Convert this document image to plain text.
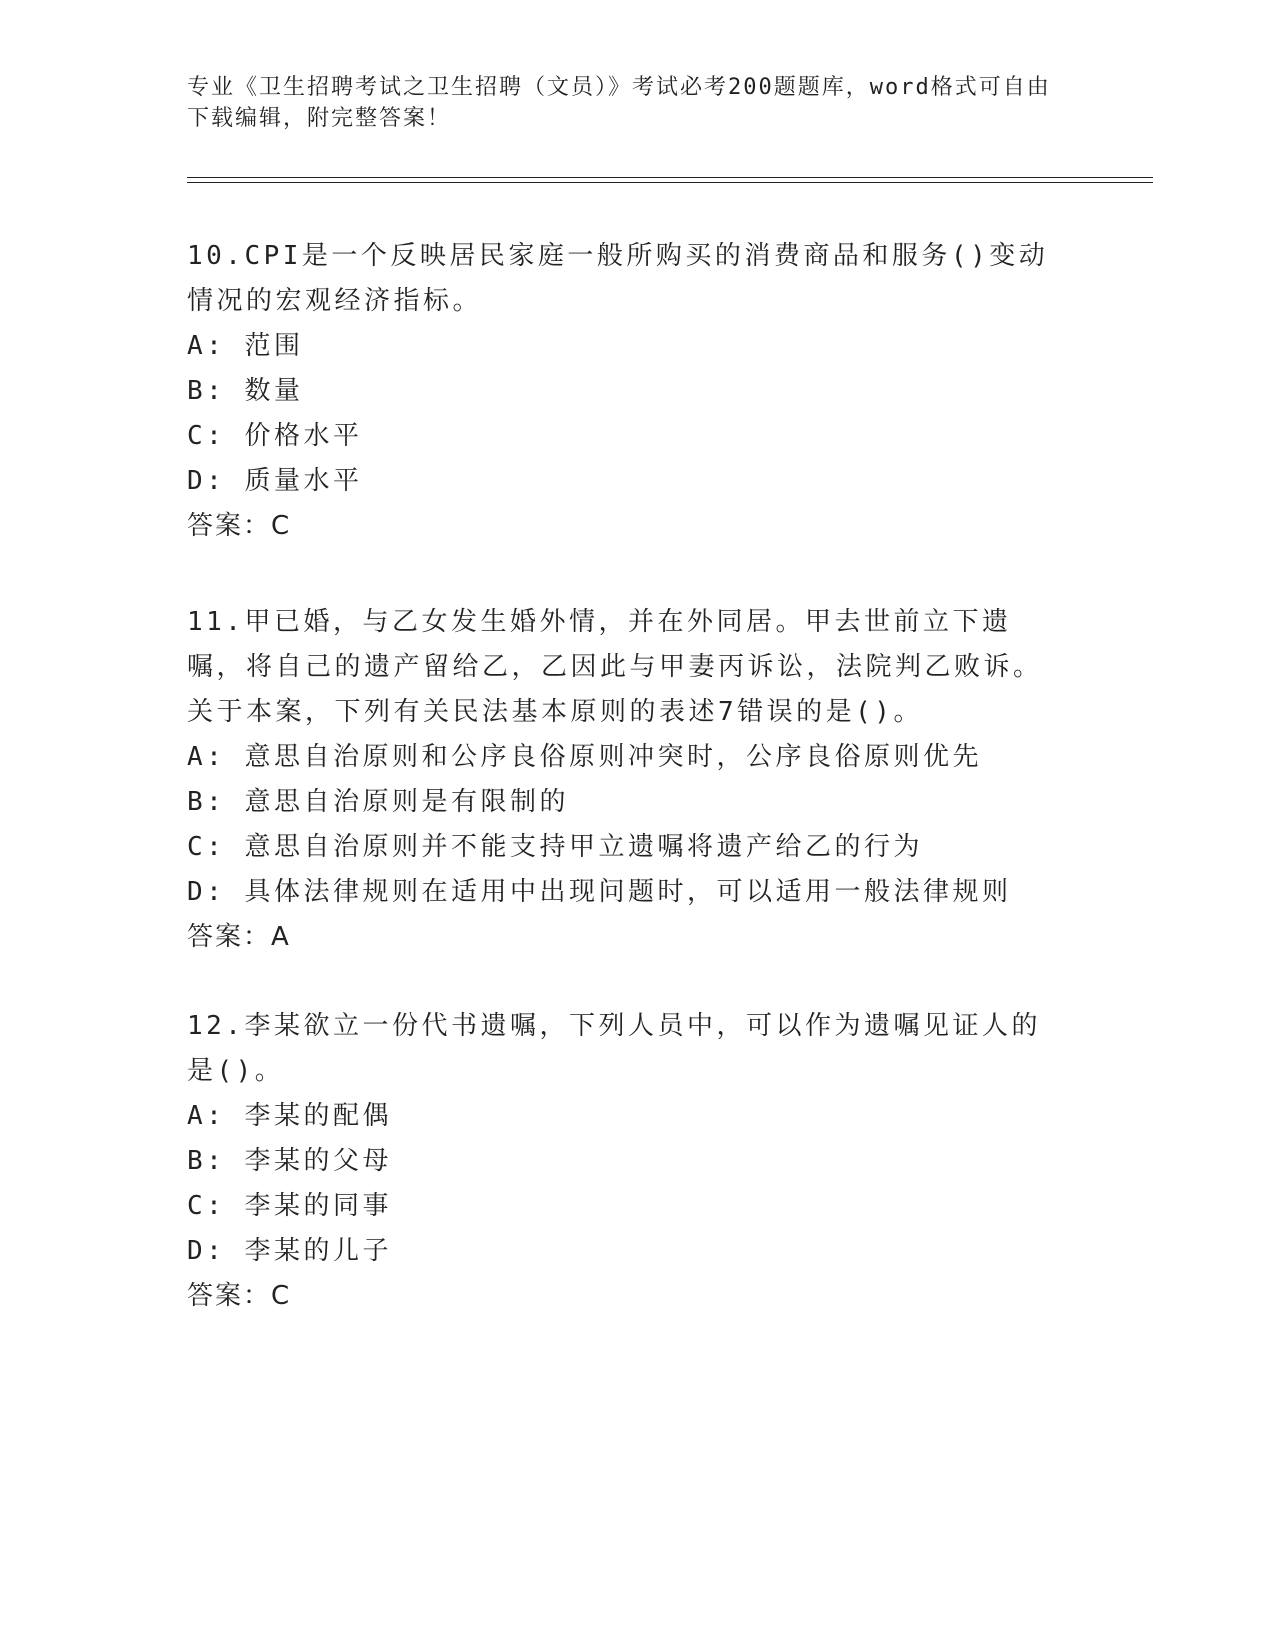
专业《卫生招聘考试之卫生招聘（文员）》考试必考200题题库，word格式可自由下载编辑，附完整答案！

10.CPI是一个反映居民家庭一般所购买的消费商品和服务()变动情况的宏观经济指标。

A: 范围
B: 数量
C: 价格水平
D: 质量水平
答案：C

11.甲已婚，与乙女发生婚外情，并在外同居。甲去世前立下遗嘱，将自己的遗产留给乙，乙因此与甲妻丙诉讼，法院判乙败诉。关于本案，下列有关民法基本原则的表述7错误的是()。

A: 意思自治原则和公序良俗原则冲突时，公序良俗原则优先
B: 意思自治原则是有限制的
C: 意思自治原则并不能支持甲立遗嘱将遗产给乙的行为
D: 具体法律规则在适用中出现问题时，可以适用一般法律规则
答案：A

12.李某欲立一份代书遗嘱，下列人员中，可以作为遗嘱见证人的是()。

A: 李某的配偶
B: 李某的父母
C: 李某的同事
D: 李某的儿子
答案：C
